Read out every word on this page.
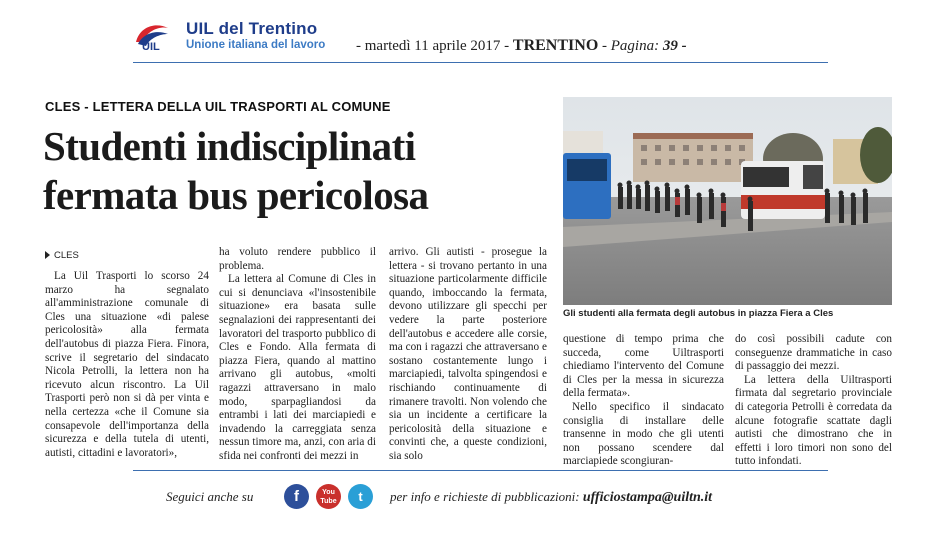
UIL
UIL del Trentino
Unione italiana del lavoro - martedì 11 aprile 2017 - TRENTINO - Pagina: 39 -
CLES - LETTERA DELLA UIL TRASPORTI AL COMUNE
Studenti indisciplinati
fermata bus pericolosa
CLES

La Uil Trasporti lo scorso 24 marzo ha segnalato all'amministrazione comunale di Cles una situazione «di palese pericolosità» alla fermata dell'autobus di piazza Fiera. Finora, scrive il segretario del sindacato Nicola Petrolli, la lettera non ha ricevuto alcun riscontro. La Uil Trasporti però non si dà per vinta e nella certezza «che il Comune sia consapevole dell'importanza della sicurezza e della tutela di utenti, autisti, cittadini e lavoratori»,

ha voluto rendere pubblico il problema.

La lettera al Comune di Cles in cui si denunciava «l'insostenibile situazione» era basata sulle segnalazioni dei rappresentanti dei lavoratori del trasporto pubblico di Cles e Fondo. Alla fermata di piazza Fiera, quando al mattino arrivano gli autobus, «molti ragazzi attraversano in malo modo, sparpagliandosi da entrambi i lati dei marciapiedi e invadendo la carreggiata senza nessun timore ma, anzi, con aria di sfida nei confronti dei mezzi in

arrivo. Gli autisti - prosegue la lettera - si trovano pertanto in una situazione particolarmente difficile quando, imboccando la fermata, devono utilizzare gli specchi per vedere la parte posteriore dell'autobus e accedere alle corsie, ma con i ragazzi che attraversano e sostano costantemente lungo i marciapiedi, talvolta spingendosi e rischiando continuamente di rimanere travolti. Non volendo che sia un incidente a certificare la pericolosità della situazione e convinti che, a queste condizioni, sia solo

questione di tempo prima che succeda, come Uiltrasporti chiediamo l'intervento del Comune di Cles per la messa in sicurezza della fermata».

Nello specifico il sindacato consiglia di installare delle transenne in modo che gli utenti non possano scendere dal marciapiede scongiuran-

do così possibili cadute con conseguenze drammatiche in caso di passaggio dei mezzi.

La lettera della Uiltrasporti firmata dal segretario provinciale di categoria Petrolli è corredata da alcune fotografie scattate dagli autisti che dimostrano che in effetti i loro timori non sono del tutto infondati.

Gli studenti alla fermata degli autobus in piazza Fiera a Cles
Seguici anche su	f	You Tube	t	per info e richieste di pubblicazioni: ufficiostampa@uiltn.it
